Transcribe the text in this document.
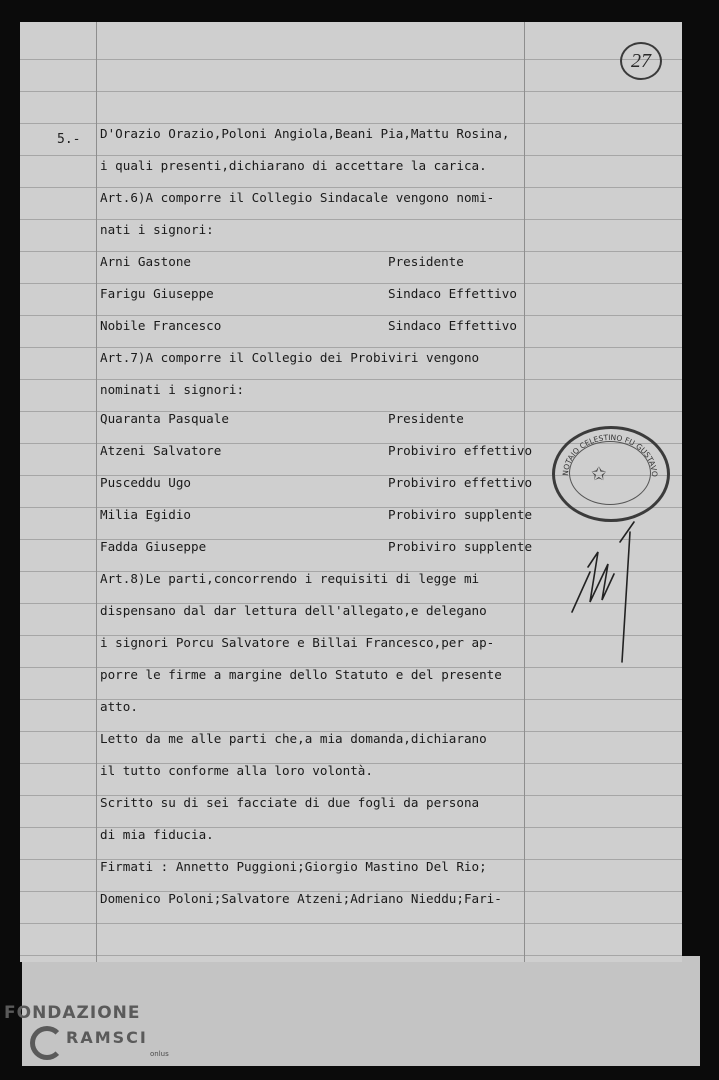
27
5.- D'Orazio Orazio,Poloni Angiola,Beani Pia,Mattu Rosina,
i quali presenti,dichiarano di accettare la carica.
Art.6)A comporre il Collegio Sindacale vengono nomi-
nati i signori:
Arni Gastone	Presidente
Farigu Giuseppe	Sindaco Effettivo
Nobile Francesco	Sindaco Effettivo
Art.7)A comporre il Collegio dei Probiviri vengono
nominati i signori:
Quaranta Pasquale	Presidente
Atzeni Salvatore	Probiviro effettivo
Pusceddu Ugo	Probiviro effettivo
Milia Egidio	Probiviro supplente
Fadda Giuseppe	Probiviro supplente
Art.8)Le parti,concorrendo i requisiti di legge mi
dispensano dal dar lettura dell'allegato,e delegano
i signori Porcu Salvatore e Billai Francesco,per ap-
porre le firme a margine dello Statuto e del presente
atto.
Letto da me alle parti che,a mia domanda,dichiarano
il tutto conforme alla loro volontà.
Scritto su di sei facciate di due fogli da persona
di mia fiducia.
Firmati : Annetto Puggioni;Giorgio Mastino Del Rio;
Domenico Poloni;Salvatore Atzeni;Adriano Nieddu;Fari-
NOTAIO CELESTINO FU GUSTAVO
✩
FONDAZIONE
RAMSCI
onlus
